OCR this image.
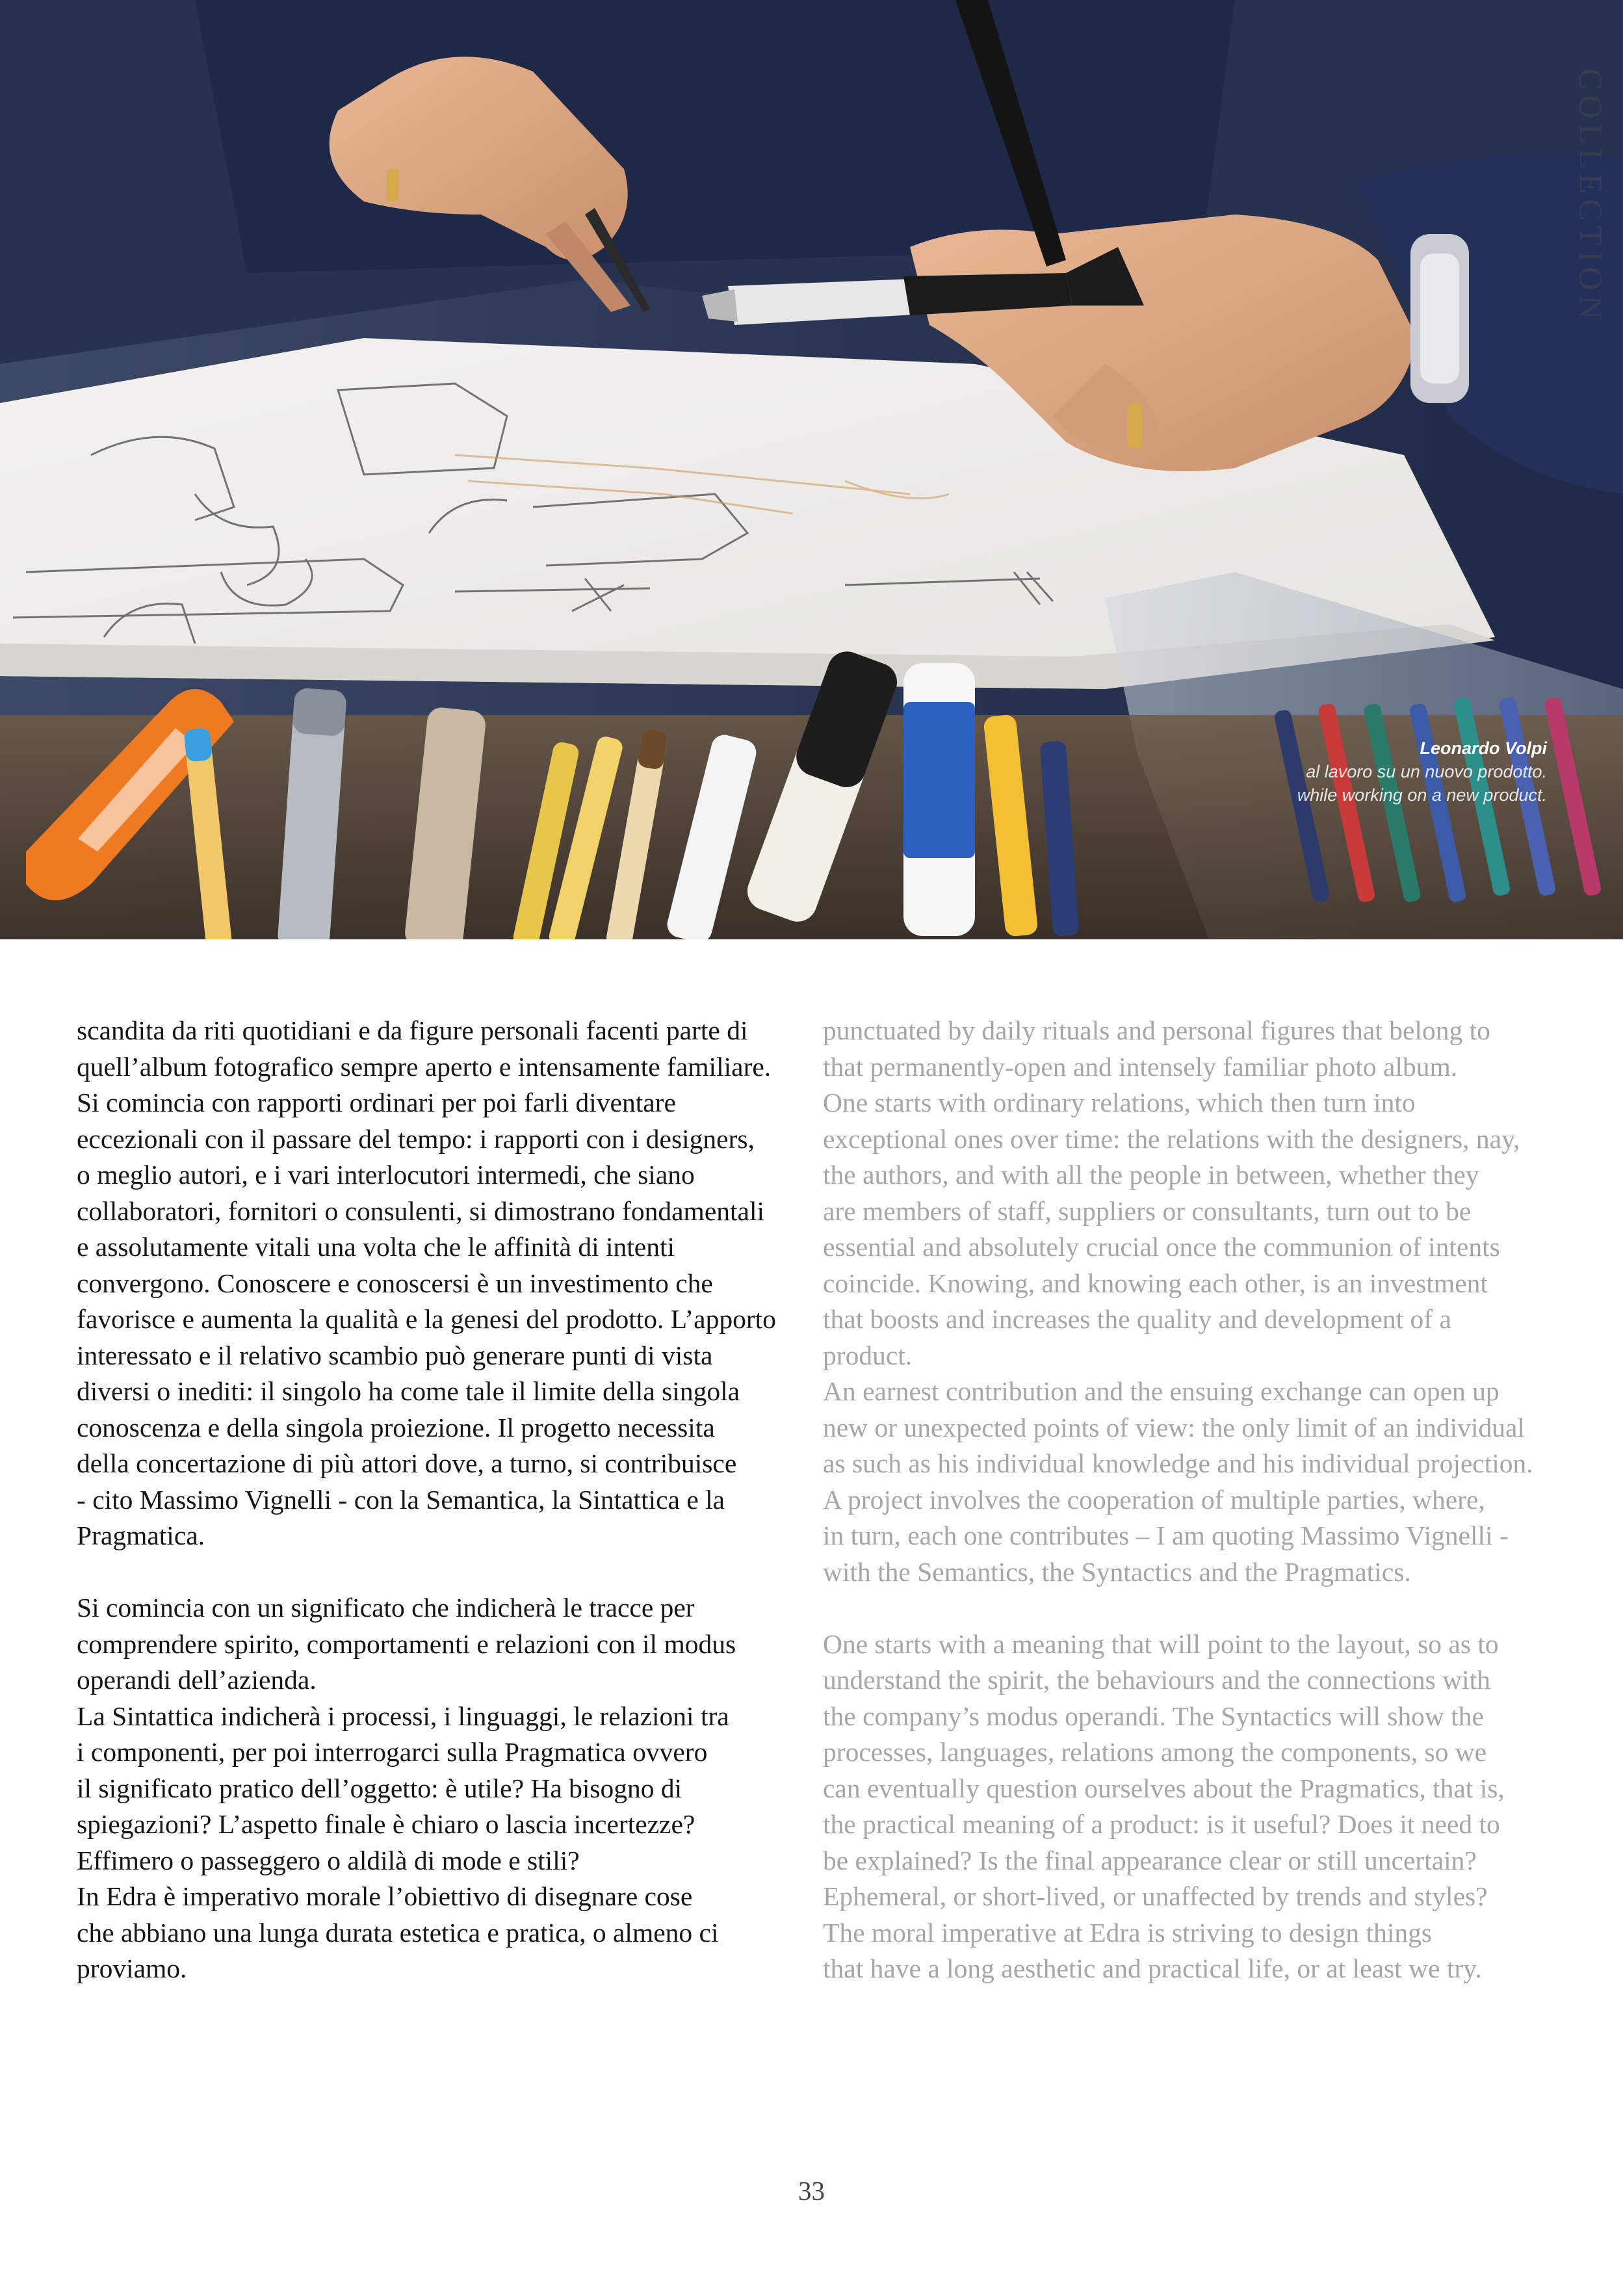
COLLECTION
Leonardo Volpi
al lavoro su un nuovo prodotto.
while working on a new product.

scandita da riti quotidiani e da figure personali facenti parte di

quell’album fotografico sempre aperto e intensamente familiare.

Si comincia con rapporti ordinari per poi farli diventare

eccezionali con il passare del tempo: i rapporti con i designers,

o meglio autori, e i vari interlocutori intermedi, che siano

collaboratori, fornitori o consulenti, si dimostrano fondamentali

e assolutamente vitali una volta che le affinità di intenti

convergono. Conoscere e conoscersi è un investimento che

favorisce e aumenta la qualità e la genesi del prodotto. L’apporto

interessato e il relativo scambio può generare punti di vista

diversi o inediti: il singolo ha come tale il limite della singola

conoscenza e della singola proiezione. Il progetto necessita

della concertazione di più attori dove, a turno, si contribuisce

- cito Massimo Vignelli - con la Semantica, la Sintattica e la

Pragmatica.

Si comincia con un significato che indicherà le tracce per

comprendere spirito, comportamenti e relazioni con il modus

operandi dell’azienda.

La Sintattica indicherà i processi, i linguaggi, le relazioni tra

i componenti, per poi interrogarci sulla Pragmatica ovvero

il significato pratico dell’oggetto: è utile? Ha bisogno di

spiegazioni? L’aspetto finale è chiaro o lascia incertezze?

Effimero o passeggero o aldilà di mode e stili?

In Edra è imperativo morale l’obiettivo di disegnare cose

che abbiano una lunga durata estetica e pratica, o almeno ci

proviamo.

punctuated by daily rituals and personal figures that belong to

that permanently-open and intensely familiar photo album.

One starts with ordinary relations, which then turn into

exceptional ones over time: the relations with the designers, nay,

the authors, and with all the people in between, whether they

are members of staff, suppliers or consultants, turn out to be

essential and absolutely crucial once the communion of intents

coincide. Knowing, and knowing each other, is an investment

that boosts and increases the quality and development of a

product.

An earnest contribution and the ensuing exchange can open up

new or unexpected points of view: the only limit of an individual

as such as his individual knowledge and his individual projection.

A project involves the cooperation of multiple parties, where,

in turn, each one contributes – I am quoting Massimo Vignelli -

with the Semantics, the Syntactics and the Pragmatics.

One starts with a meaning that will point to the layout, so as to

understand the spirit, the behaviours and the connections with

the company’s modus operandi. The Syntactics will show the

processes, languages, relations among the components, so we

can eventually question ourselves about the Pragmatics, that is,

the practical meaning of a product: is it useful? Does it need to

be explained? Is the final appearance clear or still uncertain?

Ephemeral, or short-lived, or unaffected by trends and styles?

The moral imperative at Edra is striving to design things

that have a long aesthetic and practical life, or at least we try.

33
